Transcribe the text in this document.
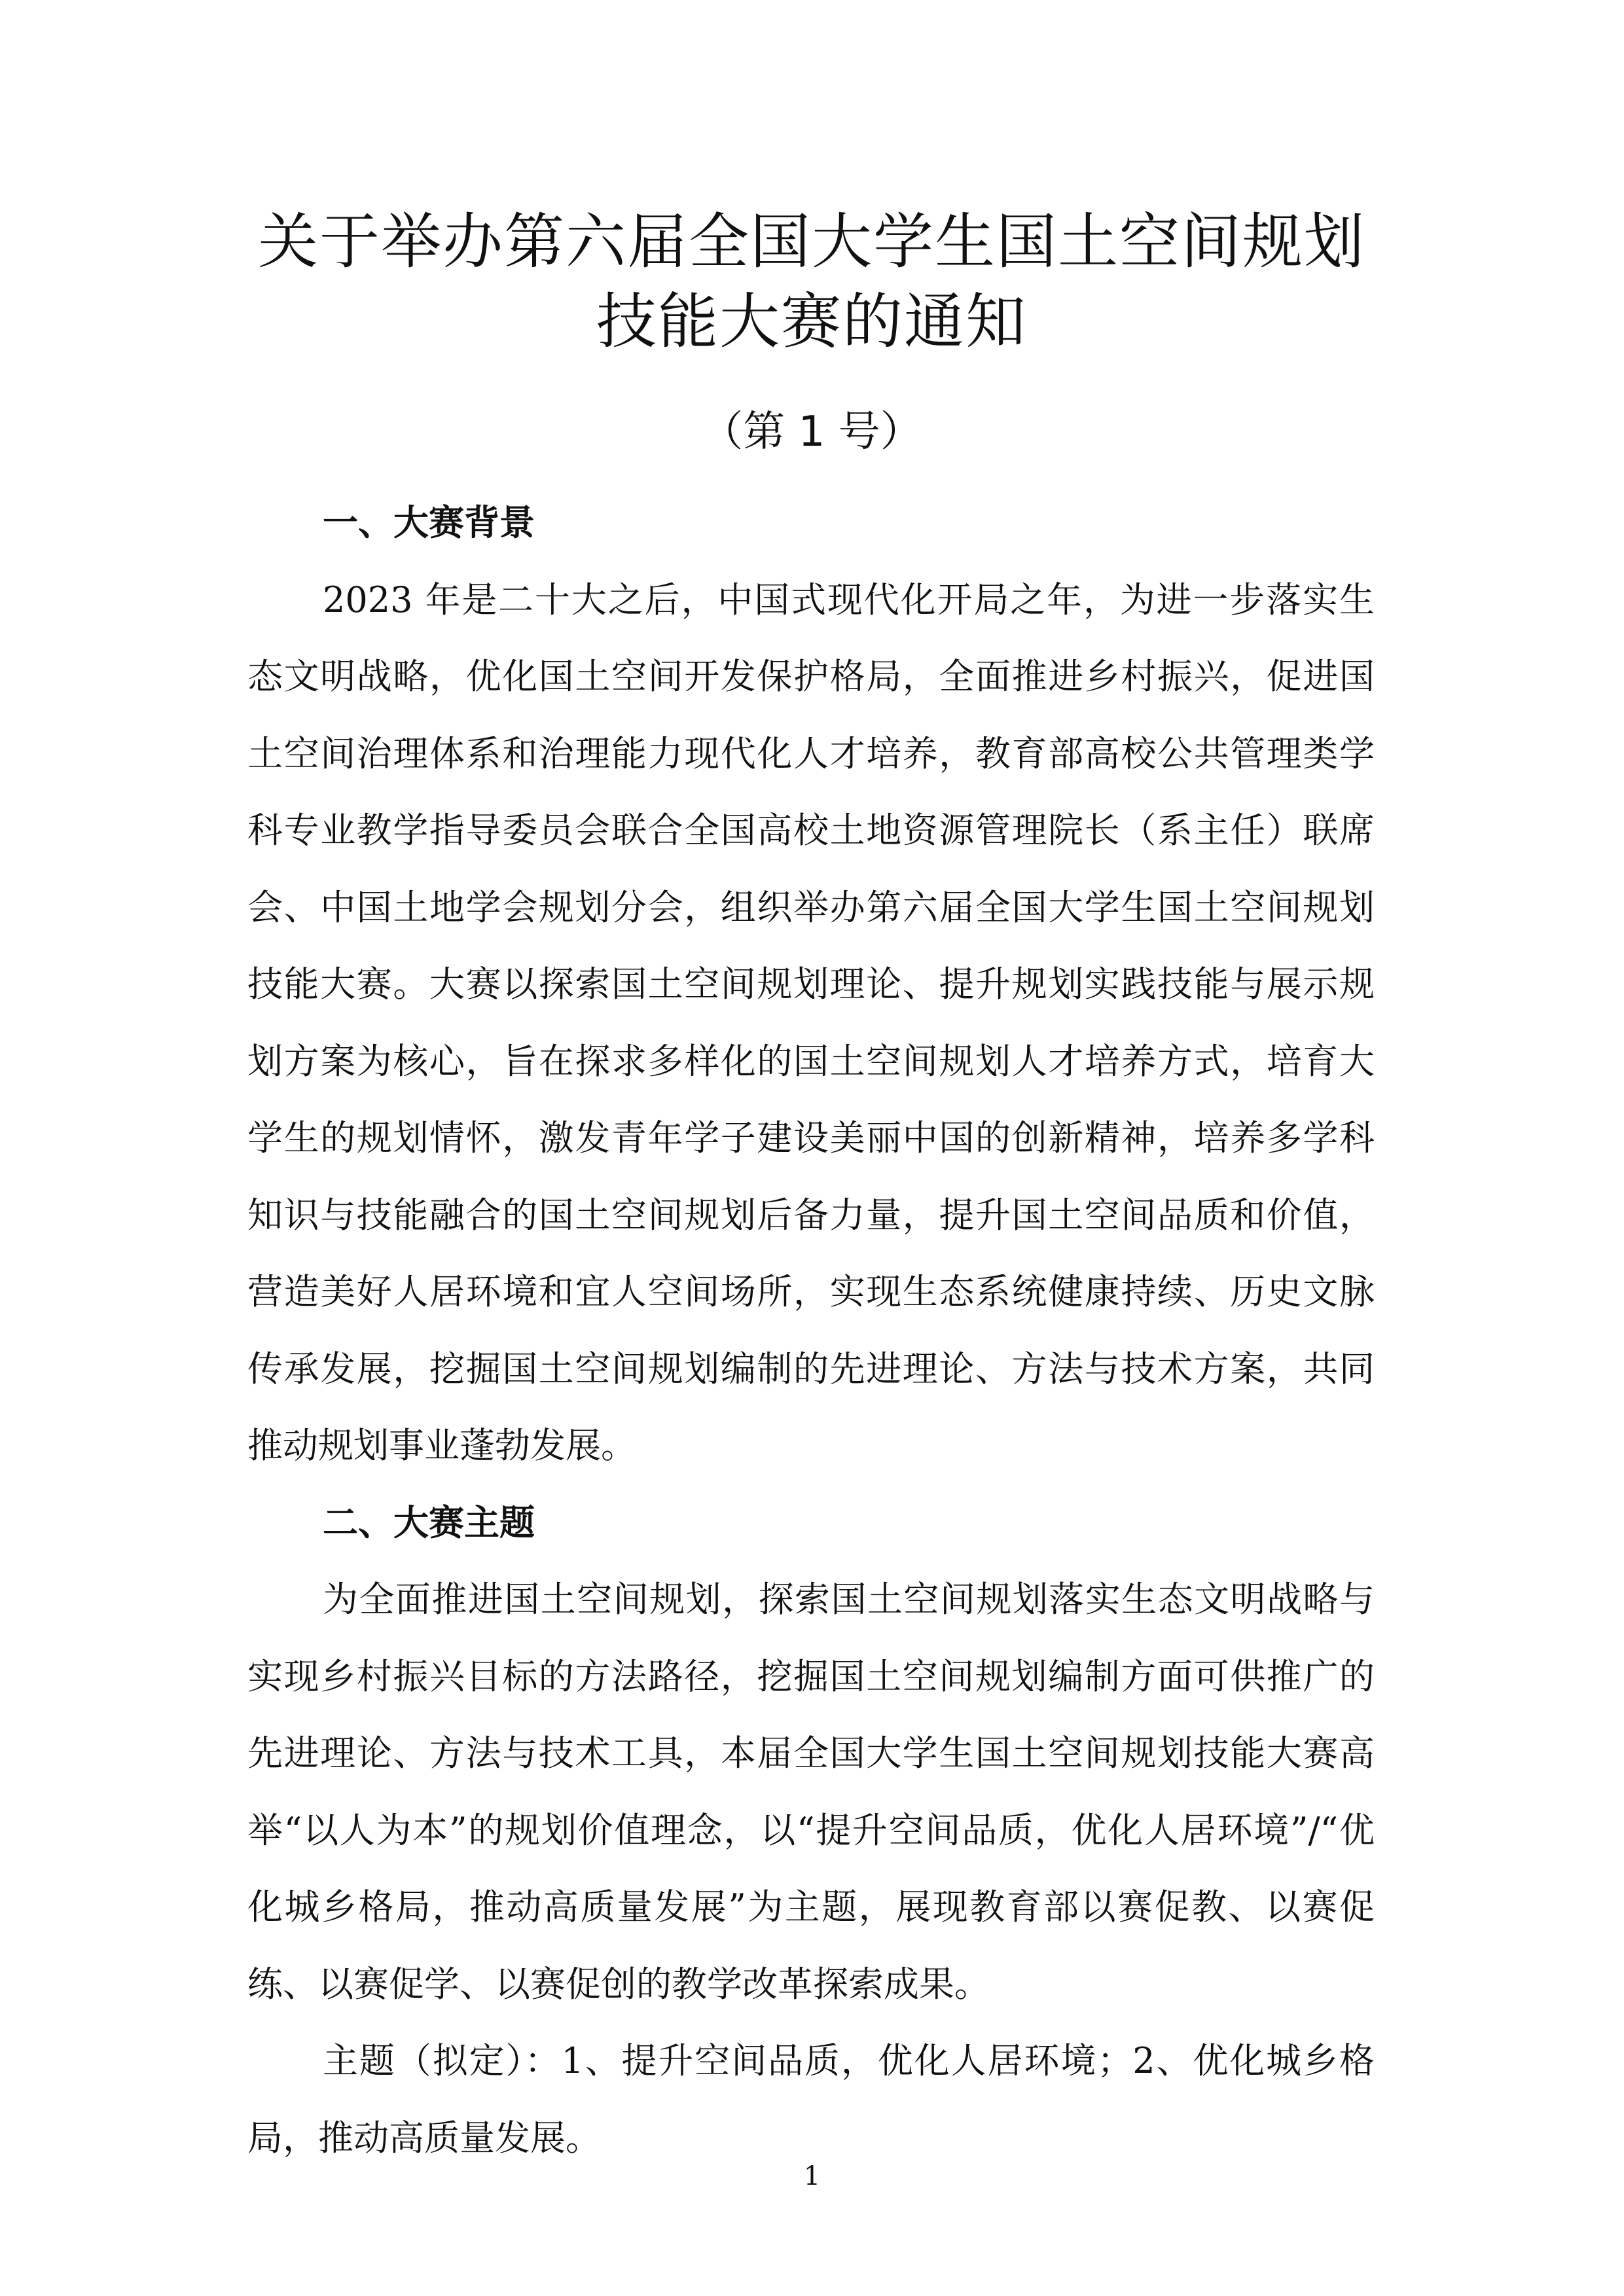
关于举办第六届全国大学生国土空间规划
技能大赛的通知

（第 1 号）

一、大赛背景

2023 年是二十大之后，中国式现代化开局之年，为进一步落实生态文明战略，优化国土空间开发保护格局，全面推进乡村振兴，促进国土空间治理体系和治理能力现代化人才培养，教育部高校公共管理类学科专业教学指导委员会联合全国高校土地资源管理院长（系主任）联席会、中国土地学会规划分会，组织举办第六届全国大学生国土空间规划技能大赛。大赛以探索国土空间规划理论、提升规划实践技能与展示规划方案为核心，旨在探求多样化的国土空间规划人才培养方式，培育大学生的规划情怀，激发青年学子建设美丽中国的创新精神，培养多学科知识与技能融合的国土空间规划后备力量，提升国土空间品质和价值，营造美好人居环境和宜人空间场所，实现生态系统健康持续、历史文脉传承发展，挖掘国土空间规划编制的先进理论、方法与技术方案，共同推动规划事业蓬勃发展。

二、大赛主题

为全面推进国土空间规划，探索国土空间规划落实生态文明战略与实现乡村振兴目标的方法路径，挖掘国土空间规划编制方面可供推广的先进理论、方法与技术工具，本届全国大学生国土空间规划技能大赛高举“以人为本”的规划价值理念，以“提升空间品质，优化人居环境”/“优化城乡格局，推动高质量发展”为主题，展现教育部以赛促教、以赛促练、以赛促学、以赛促创的教学改革探索成果。

主题（拟定）：1、提升空间品质，优化人居环境；2、优化城乡格局，推动高质量发展。

1
